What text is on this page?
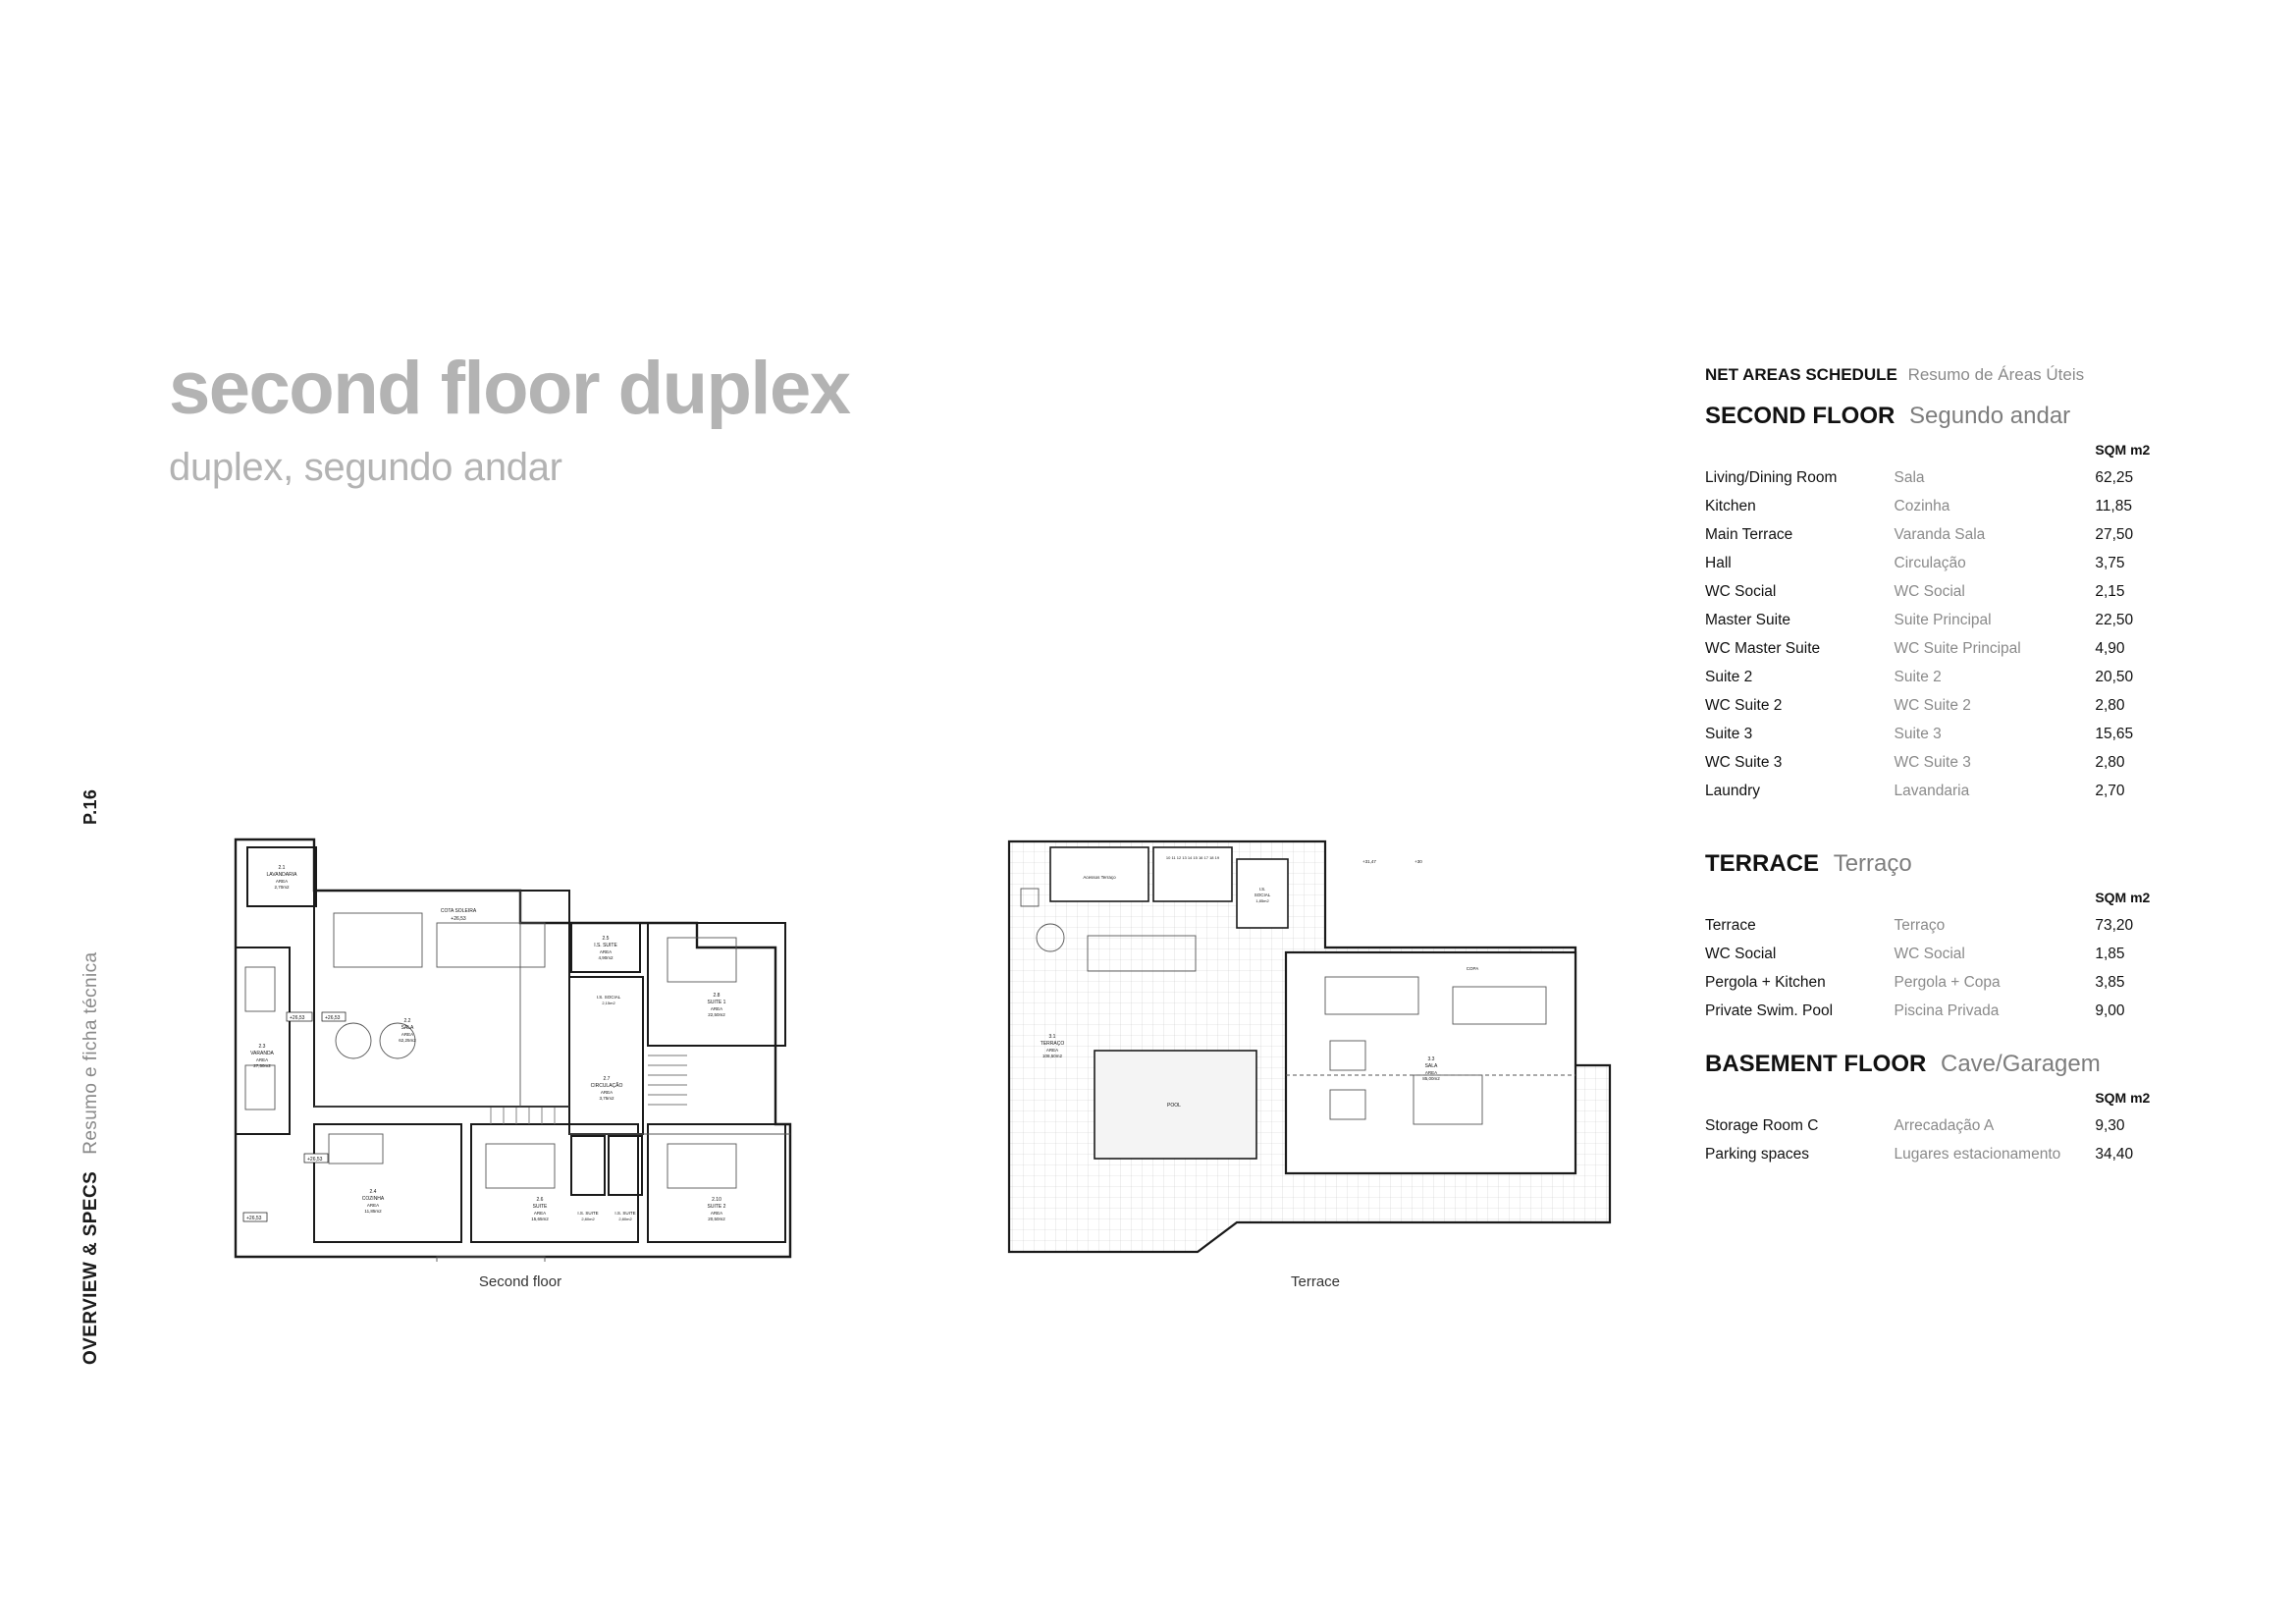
P.16
OVERVIEW & SPECS   Resumo e ficha técnica
second floor duplex
duplex, segundo andar
2.1
LAVANDARIA
AREA
2,70m2
2.2
SALA
AREA
62,25m2
2.3
VARANDA
AREA
27,50m2
2.4
COZINHA
AREA
11,85m2
2.7
CIRCULAÇÃO
AREA
3,75m2
2.5
I.S. SUITE
AREA
4,90m2
2.8
SUITE 1
AREA
22,50m2
2.10
SUITE 2
AREA
20,50m2
2.6
SUITE
AREA
15,65m2
I.S. SUITE
2,80m2
I.S. SUITE
2,80m2
COTA SOLEIRA
+26,53
I.S. SOCIAL
2,15m2
+26,53	+26,53
+26,53
+26,53
Second floor
3.1
TERRAÇO
AREA
108,50m2
3.3
SALA
AREA
85,00m2
POOL
I.S.
SOCIAL
1,85m2
Acessos Terraço
10 11 12 13 14 15 16 17 18 19
+31,47	+30
COPA
Terrace
NET AREAS SCHEDULE Resumo de Áreas Úteis
SECOND FLOOR Segundo andar
		SQM m2
Living/Dining Room	Sala	62,25
Kitchen	Cozinha	11,85
Main Terrace	Varanda Sala	27,50
Hall	Circulação	3,75
WC Social	WC Social	2,15
Master Suite	Suite Principal	22,50
WC Master Suite	WC Suite Principal	4,90
Suite 2	Suite 2	20,50
WC Suite 2	WC Suite 2	2,80
Suite 3	Suite 3	15,65
WC Suite 3	WC Suite 3	2,80
Laundry	Lavandaria	2,70
TERRACE Terraço
		SQM m2
Terrace	Terraço	73,20
WC Social	WC Social	1,85
Pergola + Kitchen	Pergola + Copa	3,85
Private Swim. Pool	Piscina Privada	9,00
BASEMENT FLOOR Cave/Garagem
		SQM m2
Storage Room C	Arrecadação A	9,30
Parking spaces	Lugares estacionamento	34,40
